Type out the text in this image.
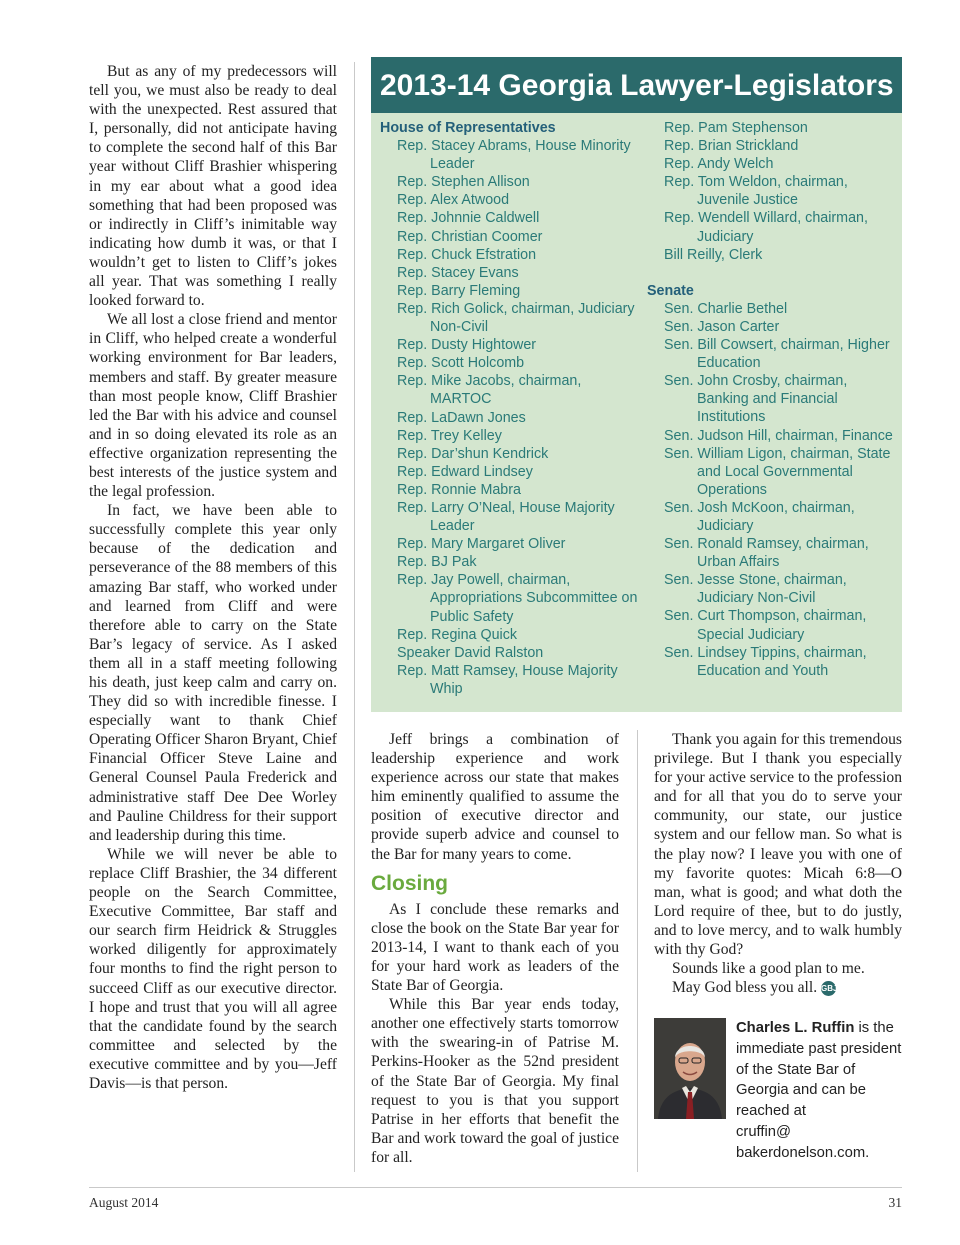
But as any of my predecessors will tell you, we must also be ready to deal with the unexpected. Rest assured that I, personally, did not anticipate having to complete the second half of this Bar year without Cliff Brashier whispering in my ear about what a good idea something that had been proposed was or indirectly in Cliff’s inimitable way indicating how dumb it was, or that I wouldn’t get to listen to Cliff’s jokes all year. That was something I really looked forward to.

We all lost a close friend and mentor in Cliff, who helped create a wonderful working environment for Bar leaders, members and staff. By greater measure than most people know, Cliff Brashier led the Bar with his advice and counsel and in so doing elevated its role as an effective organization representing the best interests of the justice system and the legal profession.

In fact, we have been able to successfully complete this year only because of the dedication and perseverance of the 88 members of this amazing Bar staff, who worked under and learned from Cliff and were therefore able to carry on the State Bar’s legacy of service. As I asked them all in a staff meeting following his death, just keep calm and carry on. They did so with incredible finesse. I especially want to thank Chief Operating Officer Sharon Bryant, Chief Financial Officer Steve Laine and General Counsel Paula Frederick and administrative staff Dee Dee Worley and Pauline Childress for their support and leadership during this time.

While we will never be able to replace Cliff Brashier, the 34 different people on the Search Committee, Executive Committee, Bar staff and our search firm Heidrick & Struggles worked diligently for approximately four months to find the right person to succeed Cliff as our executive director. I hope and trust that you will all agree that the candidate found by the search committee and selected by the executive committee and by you—Jeff Davis—is that person.

2013-14 Georgia Lawyer-Legislators
House of Representatives
Rep. Stacey Abrams, House Minority Leader
Rep. Stephen Allison
Rep. Alex Atwood
Rep. Johnnie Caldwell
Rep. Christian Coomer
Rep. Chuck Efstration
Rep. Stacey Evans
Rep. Barry Fleming
Rep. Rich Golick, chairman, Judiciary Non-Civil
Rep. Dusty Hightower
Rep. Scott Holcomb
Rep. Mike Jacobs, chairman, MARTOC
Rep. LaDawn Jones
Rep. Trey Kelley
Rep. Dar’shun Kendrick
Rep. Edward Lindsey
Rep. Ronnie Mabra
Rep. Larry O’Neal, House Majority Leader
Rep. Mary Margaret Oliver
Rep. BJ Pak
Rep. Jay Powell, chairman, Appropriations Subcommittee on Public Safety
Rep. Regina Quick
Speaker David Ralston
Rep. Matt Ramsey, House Majority Whip
Rep. Pam Stephenson
Rep. Brian Strickland
Rep. Andy Welch
Rep. Tom Weldon, chairman, Juvenile Justice
Rep. Wendell Willard, chairman, Judiciary
Bill Reilly, Clerk
Senate
Sen. Charlie Bethel
Sen. Jason Carter
Sen. Bill Cowsert, chairman, Higher Education
Sen. John Crosby, chairman, Banking and Financial Institutions
Sen. Judson Hill, chairman, Finance
Sen. William Ligon, chairman, State and Local Governmental Operations
Sen. Josh McKoon, chairman, Judiciary
Sen. Ronald Ramsey, chairman, Urban Affairs
Sen. Jesse Stone, chairman, Judiciary Non-Civil
Sen. Curt Thompson, chairman, Special Judiciary
Sen. Lindsey Tippins, chairman, Education and Youth

Jeff brings a combination of leadership experience and work experience across our state that makes him eminently qualified to assume the position of executive director and provide superb advice and counsel to the Bar for many years to come.

Closing

As I conclude these remarks and close the book on the State Bar year for 2013-14, I want to thank each of you for your hard work as leaders of the State Bar of Georgia.

While this Bar year ends today, another one effectively starts tomorrow with the swearing-in of Patrise M. Perkins-Hooker as the 52nd president of the State Bar of Georgia. My final request to you is that you support Patrise in her efforts that benefit the Bar and work toward the goal of justice for all.

Thank you again for this tremendous privilege. But I thank you especially for your active service to the profession and for all that you do to serve your community, our state, our justice system and our fellow man. So what is the play now? I leave you with one of my favorite quotes: Micah 6:8—O man, what is good; and what doth the Lord require of thee, but to do justly, and to love mercy, and to walk humbly with thy God?

Sounds like a good plan to me.

May God bless you all. GBJ

Charles L. Ruffin is the immediate past president of the State Bar of Georgia and can be reached at
cruffin@
bakerdonelson.com.
August 2014	31
